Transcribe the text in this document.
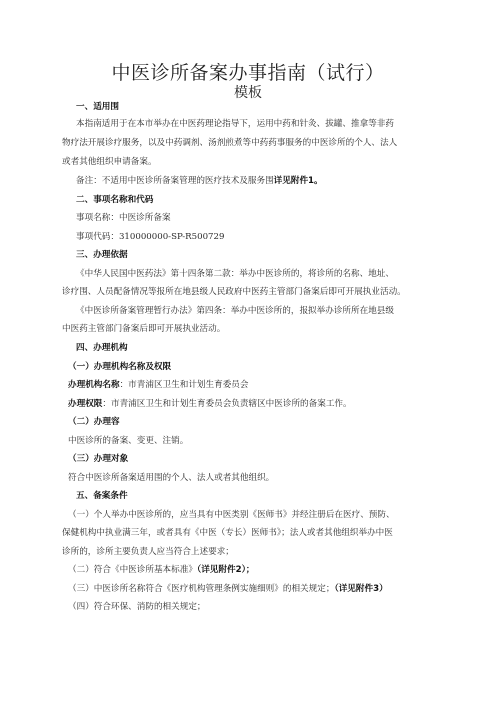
中医诊所备案办事指南（试行）
模板
一、适用围
本指南适用于在本市举办在中医药理论指导下，运用中药和针灸、拔罐、推拿等非药
物疗法开展诊疗服务，以及中药调剂、汤剂煎煮等中药药事服务的中医诊所的个人、法人
或者其他组织申请备案。
备注：不适用中医诊所备案管理的医疗技术及服务围详见附件1。
二、事项名称和代码
事项名称：中医诊所备案
事项代码：310000000-SP-R500729
三、办理依据
《中华人民国中医药法》第十四条第二款：举办中医诊所的，将诊所的名称、地址、
诊疗围、人员配备情况等报所在地县级人民政府中医药主管部门备案后即可开展执业活动。
《中医诊所备案管理暂行办法》第四条：举办中医诊所的，报拟举办诊所所在地县级
中医药主管部门备案后即可开展执业活动。
四、办理机构
（一）办理机构名称及权限
办理机构名称：市青浦区卫生和计划生育委员会
办理权限：市青浦区卫生和计划生育委员会负责辖区中医诊所的备案工作。
（二）办理容
中医诊所的备案、变更、注销。
（三）办理对象
符合中医诊所备案适用围的个人、法人或者其他组织。
五、备案条件
（一）个人举办中医诊所的，应当具有中医类别《医师书》并经注册后在医疗、预防、
保健机构中执业满三年，或者具有《中医（专长）医师书》；法人或者其他组织举办中医
诊所的，诊所主要负责人应当符合上述要求；
（二）符合《中医诊所基本标准》（详见附件2）；
（三）中医诊所名称符合《医疗机构管理条例实施细则》的相关规定；（详见附件3）
（四）符合环保、消防的相关规定；
